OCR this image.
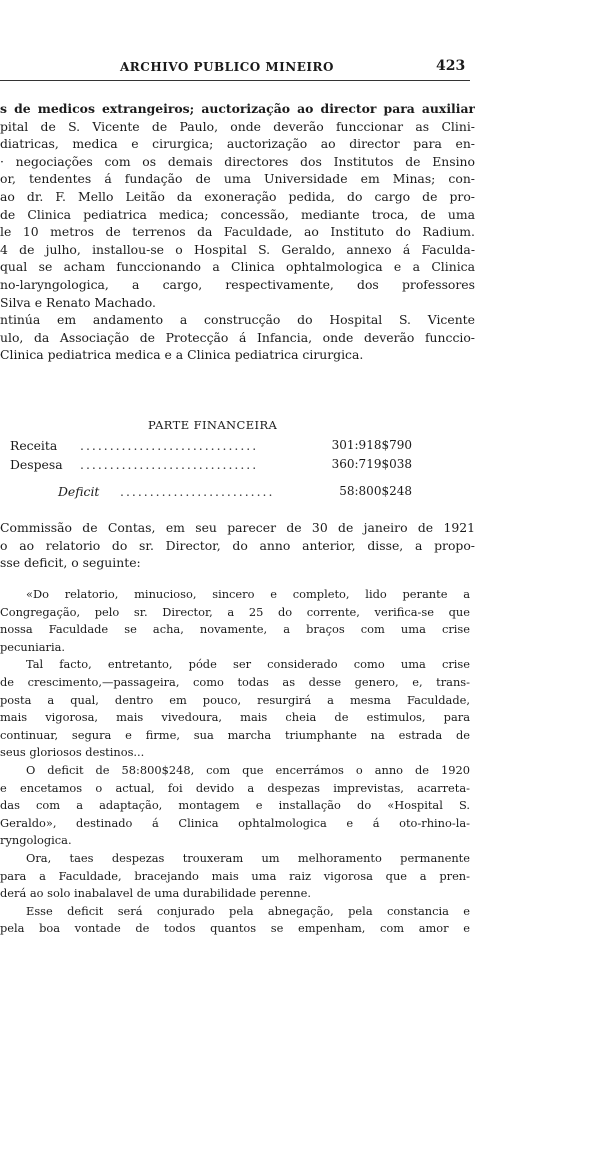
ARCHIVO PUBLICO MINEIRO	423
s de medicos extrangeiros; auctorização ao director para auxiliar
pital de S. Vicente de Paulo, onde deverão funccionar as Clini-
diatricas, medica e cirurgica; auctorização ao director para en-
· negociações com os demais directores dos Institutos de Ensino
or, tendentes á fundação de uma Universidade em Minas; con-
ao dr. F. Mello Leitão da exoneração pedida, do cargo de pro-
de Clinica pediatrica medica; concessão, mediante troca, de uma
le 10 metros de terrenos da Faculdade, ao Instituto do Radium.
4 de julho, installou-se o Hospital S. Geraldo, annexo á Faculda-
qual se acham funccionando a Clinica ophtalmologica e a Clinica
no-laryngologica, a cargo, respectivamente, dos professores
Silva e Renato Machado.
ntinúa em andamento a construcção do Hospital S. Vicente
ulo, da Associação de Protecção á Infancia, onde deverão funccio-
Clinica pediatrica medica e a Clinica pediatrica cirurgica.
PARTE FINANCEIRA
Receita ..............................	301:918$790
Despesa ..............................	360:719$038
Deficit ..........................	58:800$248
Commissão de Contas, em seu parecer de 30 de janeiro de 1921
o ao relatorio do sr. Director, do anno anterior, disse, a propo-
sse deficit, o seguinte:
«Do relatorio, minucioso, sincero e completo, lido perante a
Congregação, pelo sr. Director, a 25 do corrente, verifica-se que
nossa Faculdade se acha, novamente, a braços com uma crise
pecuniaria.
Tal facto, entretanto, póde ser considerado como uma crise
de crescimento,—passageira, como todas as desse genero, e, trans-
posta a qual, dentro em pouco, resurgirá a mesma Faculdade,
mais vigorosa, mais vivedoura, mais cheia de estimulos, para
continuar, segura e firme, sua marcha triumphante na estrada de
seus gloriosos destinos...
O deficit de 58:800$248, com que encerrámos o anno de 1920
e encetamos o actual, foi devido a despezas imprevistas, acarreta-
das com a adaptação, montagem e installação do «Hospital S.
Geraldo», destinado á Clinica ophtalmologica e á oto-rhino-la-
ryngologica.
Ora, taes despezas trouxeram um melhoramento permanente
para a Faculdade, bracejando mais uma raiz vigorosa que a pren-
derá ao solo inabalavel de uma durabilidade perenne.
Esse deficit será conjurado pela abnegação, pela constancia e
pela boa vontade de todos quantos se empenham, com amor e
